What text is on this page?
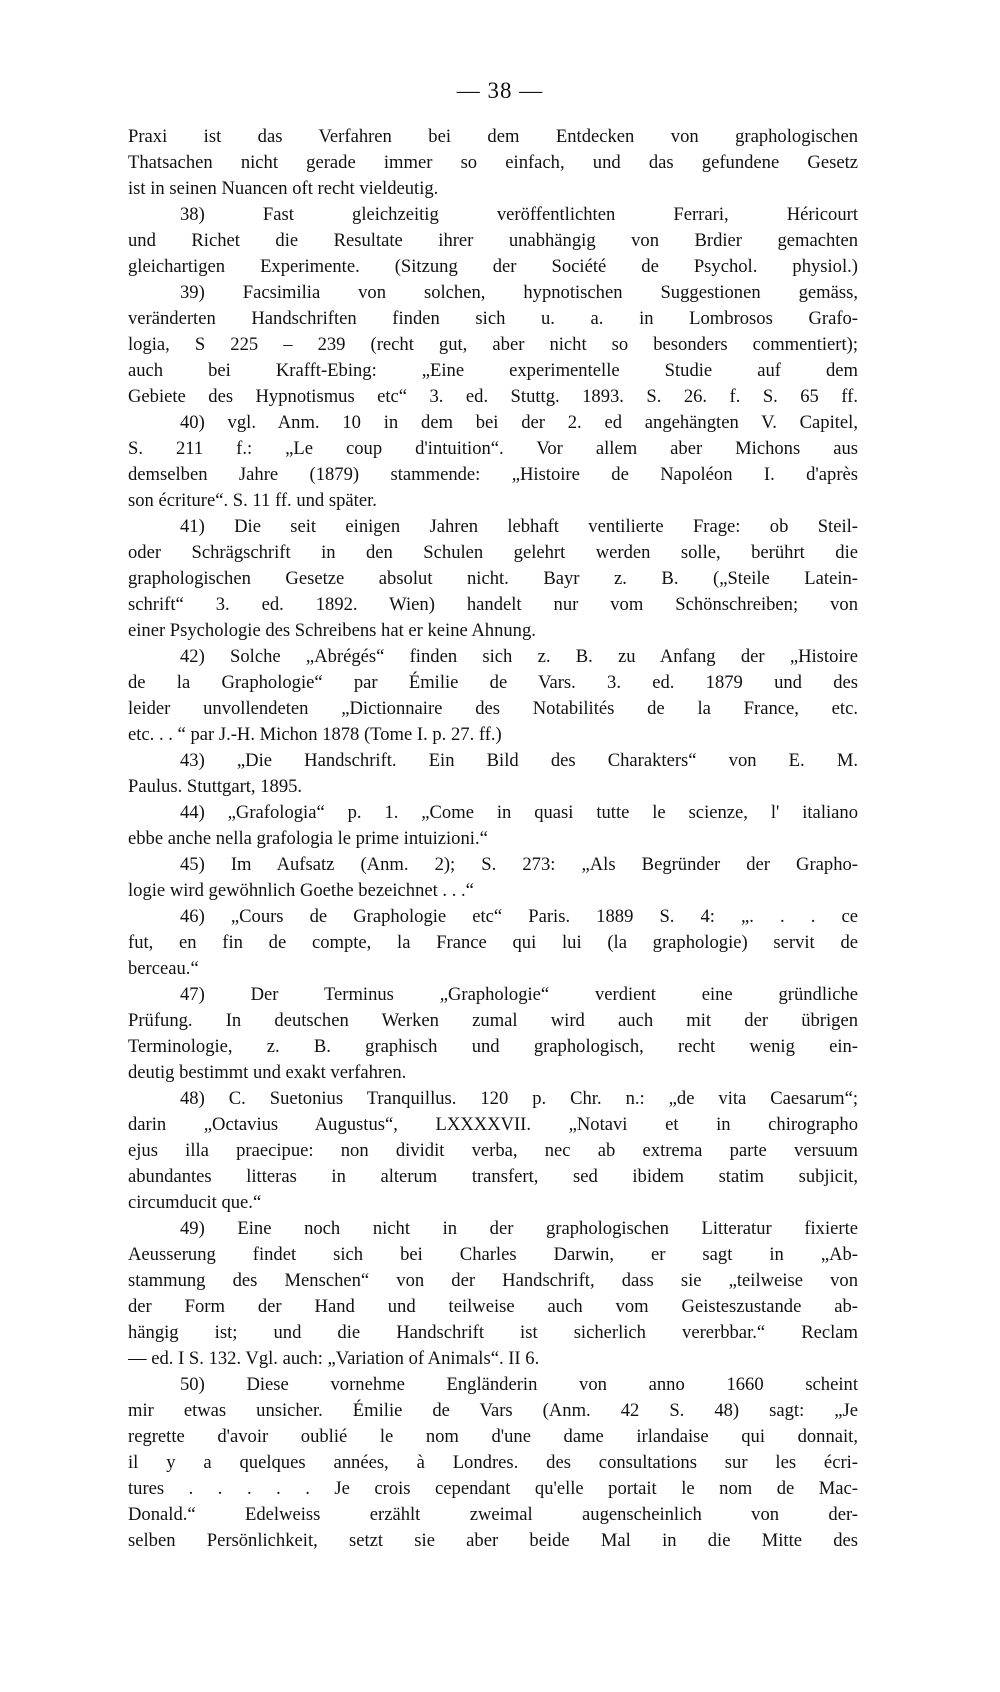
— 38 —
Praxi ist das Verfahren bei dem Entdecken von graphologischen
Thatsachen nicht gerade immer so einfach, und das gefundene Gesetz
ist in seinen Nuancen oft recht vieldeutig.
38) Fast gleichzeitig veröffentlichten Ferrari, Héricourt
und Richet die Resultate ihrer unabhängig von Brdier gemachten
gleichartigen Experimente. (Sitzung der Société de Psychol. physiol.)
39) Facsimilia von solchen, hypnotischen Suggestionen gemäss,
veränderten Handschriften finden sich u. a. in Lombrosos Grafo-
logia, S 225 – 239 (recht gut, aber nicht so besonders commentiert);
auch bei Krafft-Ebing: „Eine experimentelle Studie auf dem
Gebiete des Hypnotismus etc“ 3. ed. Stuttg. 1893. S. 26. f. S. 65 ff.
40) vgl. Anm. 10 in dem bei der 2. ed angehängten V. Capitel,
S. 211 f.: „Le coup d'intuition“. Vor allem aber Michons aus
demselben Jahre (1879) stammende: „Histoire de Napoléon I. d'après
son écriture“. S. 11 ff. und später.
41) Die seit einigen Jahren lebhaft ventilierte Frage: ob Steil-
oder Schrägschrift in den Schulen gelehrt werden solle, berührt die
graphologischen Gesetze absolut nicht. Bayr z. B. („Steile Latein-
schrift“ 3. ed. 1892. Wien) handelt nur vom Schönschreiben; von
einer Psychologie des Schreibens hat er keine Ahnung.
42) Solche „Abrégés“ finden sich z. B. zu Anfang der „Histoire
de la Graphologie“ par Émilie de Vars. 3. ed. 1879 und des
leider unvollendeten „Dictionnaire des Notabilités de la France, etc.
etc. . . “ par J.-H. Michon 1878 (Tome I. p. 27. ff.)
43) „Die Handschrift. Ein Bild des Charakters“ von E. M.
Paulus. Stuttgart, 1895.
44) „Grafologia“ p. 1. „Come in quasi tutte le scienze, l' italiano
ebbe anche nella grafologia le prime intuizioni.“
45) Im Aufsatz (Anm. 2); S. 273: „Als Begründer der Grapho-
logie wird gewöhnlich Goethe bezeichnet . . .“
46) „Cours de Graphologie etc“ Paris. 1889 S. 4: „. . . ce
fut, en fin de compte, la France qui lui (la graphologie) servit de
berceau.“
47) Der Terminus „Graphologie“ verdient eine gründliche
Prüfung. In deutschen Werken zumal wird auch mit der übrigen
Terminologie, z. B. graphisch und graphologisch, recht wenig ein-
deutig bestimmt und exakt verfahren.
48) C. Suetonius Tranquillus. 120 p. Chr. n.: „de vita Caesarum“;
darin „Octavius Augustus“, LXXXXVII. „Notavi et in chirographo
ejus illa praecipue: non dividit verba, nec ab extrema parte versuum
abundantes litteras in alterum transfert, sed ibidem statim subjicit,
circumducit que.“
49) Eine noch nicht in der graphologischen Litteratur fixierte
Aeusserung findet sich bei Charles Darwin, er sagt in „Ab-
stammung des Menschen“ von der Handschrift, dass sie „teilweise von
der Form der Hand und teilweise auch vom Geisteszustande ab-
hängig ist; und die Handschrift ist sicherlich vererbbar.“ Reclam
— ed. I S. 132. Vgl. auch: „Variation of Animals“. II 6.
50) Diese vornehme Engländerin von anno 1660 scheint
mir etwas unsicher. Émilie de Vars (Anm. 42 S. 48) sagt: „Je
regrette d'avoir oublié le nom d'une dame irlandaise qui donnait,
il y a quelques années, à Londres. des consultations sur les écri-
tures . . . . . Je crois cependant qu'elle portait le nom de Mac-
Donald.“ Edelweiss erzählt zweimal augenscheinlich von der-
selben Persönlichkeit, setzt sie aber beide Mal in die Mitte des
